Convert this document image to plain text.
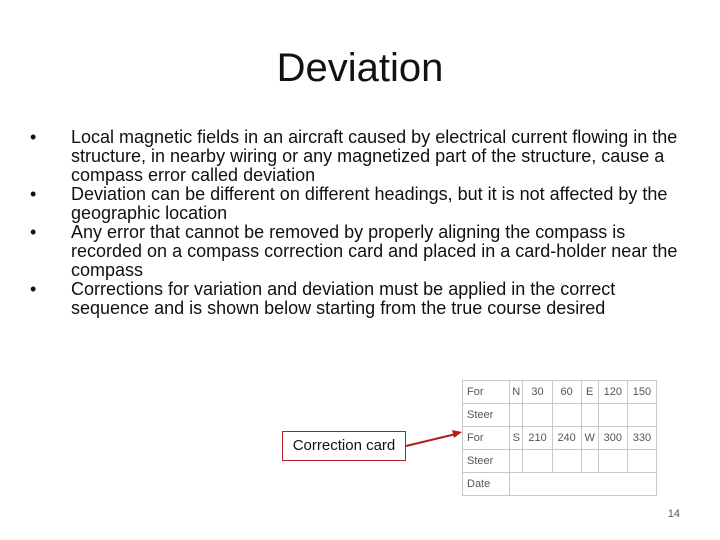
Deviation
• Local magnetic fields in an aircraft caused by electrical current flowing in the structure, in nearby wiring or any magnetized part of the structure, cause a compass error called deviation
• Deviation can be different on different headings, but it is not affected by the geographic location
• Any error that cannot be removed by properly aligning the compass is recorded on a compass correction card and placed in a card-holder near the compass
• Corrections for variation and deviation must be applied in the correct sequence and is shown below starting from the true course desired
Correction card
For	N	30	60	E	120	150
Steer						
For	S	210	240	W	300	330
Steer						
Date						
14
